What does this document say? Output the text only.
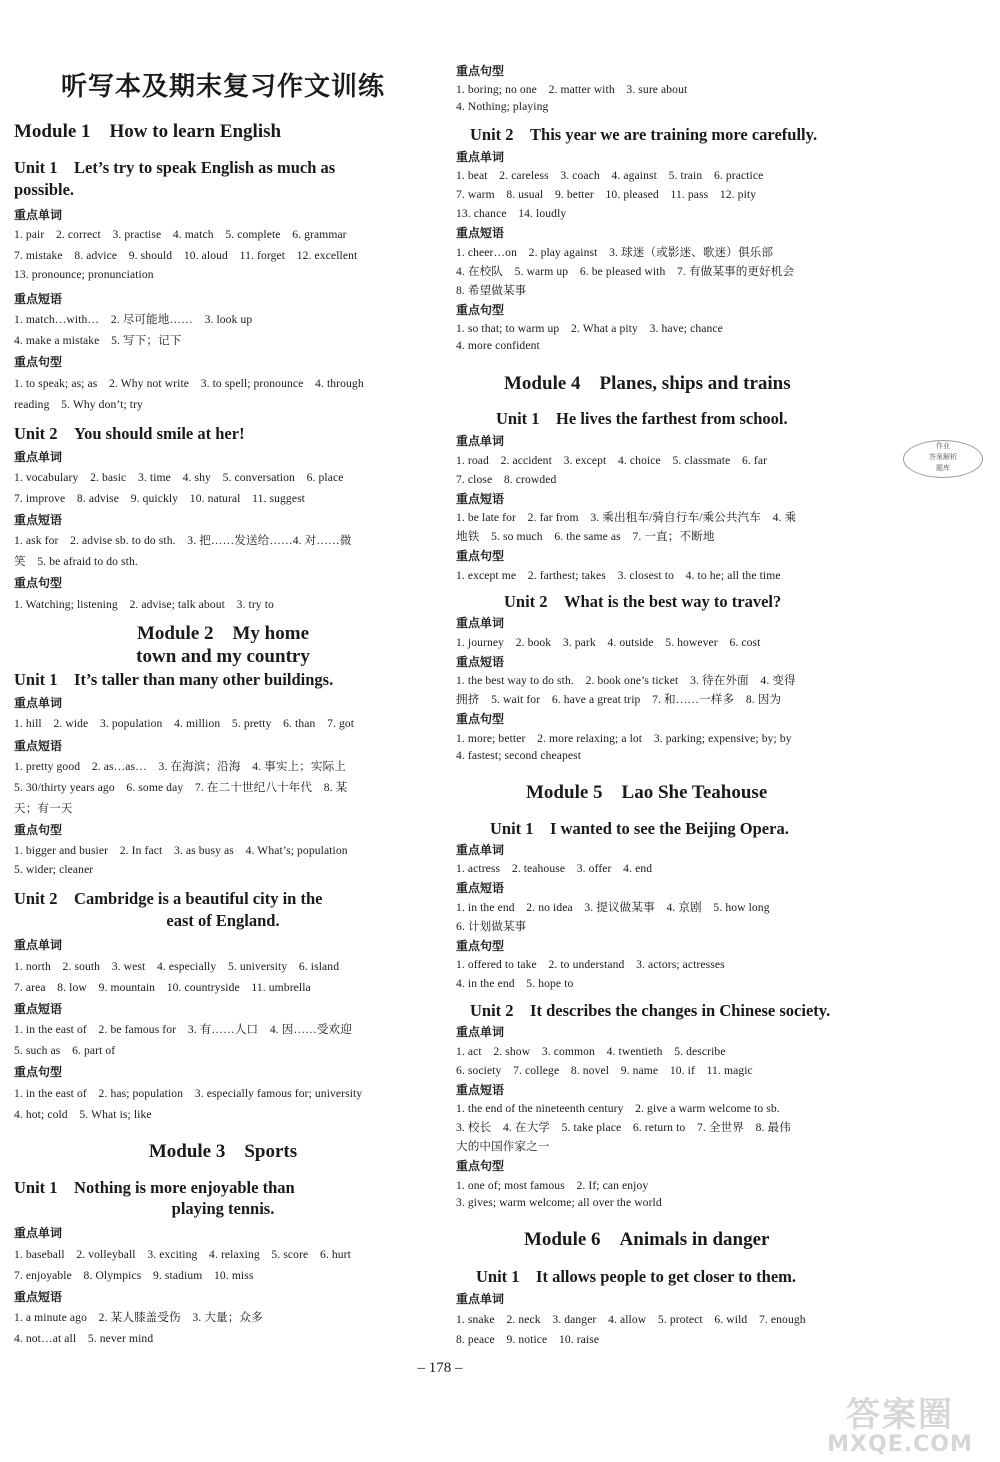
听写本及期末复习作文训练
Module 1　How to learn English
Unit 1　Let’s try to speak English as much as
possible.
重点单词
1. pair　2. correct　3. practise　4. match　5. complete　6. grammar
7. mistake　8. advice　9. should　10. aloud　11. forget　12. excellent
13. pronounce; pronunciation
重点短语
1. match…with…　2. 尽可能地……　3. look up
4. make a mistake　5. 写下；记下
重点句型
1. to speak; as; as　2. Why not write　3. to spell; pronounce　4. through
reading　5. Why don’t; try
Unit 2　You should smile at her!
重点单词
1. vocabulary　2. basic　3. time　4. shy　5. conversation　6. place
7. improve　8. advise　9. quickly　10. natural　11. suggest
重点短语
1. ask for　2. advise sb. to do sth.　3. 把……发送给……4. 对……微
笑　5. be afraid to do sth.
重点句型
1. Watching; listening　2. advise; talk about　3. try to
Module 2　My home
town and my country
Unit 1　It’s taller than many other buildings.
重点单词
1. hill　2. wide　3. population　4. million　5. pretty　6. than　7. got
重点短语
1. pretty good　2. as…as…　3. 在海滨；沿海　4. 事实上；实际上
5. 30/thirty years ago　6. some day　7. 在二十世纪八十年代　8. 某
天；有一天
重点句型
1. bigger and busier　2. In fact　3. as busy as　4. What’s; population
5. wider; cleaner
Unit 2　Cambridge is a beautiful city in the
east of England.
重点单词
1. north　2. south　3. west　4. especially　5. university　6. island
7. area　8. low　9. mountain　10. countryside　11. umbrella
重点短语
1. in the east of　2. be famous for　3. 有……人口　4. 因……受欢迎
5. such as　6. part of
重点句型
1. in the east of　2. has; population　3. especially famous for; university
4. hot; cold　5. What is; like
Module 3　Sports
Unit 1　Nothing is more enjoyable than
playing tennis.
重点单词
1. baseball　2. volleyball　3. exciting　4. relaxing　5. score　6. hurt
7. enjoyable　8. Olympics　9. stadium　10. miss
重点短语
1. a minute ago　2. 某人膝盖受伤　3. 大量；众多
4. not…at all　5. never mind
重点句型
1. boring; no one　2. matter with　3. sure about
4. Nothing; playing
Unit 2　This year we are training more carefully.
重点单词
1. beat　2. careless　3. coach　4. against　5. train　6. practice
7. warm　8. usual　9. better　10. pleased　11. pass　12. pity
13. chance　14. loudly
重点短语
1. cheer…on　2. play against　3. 球迷（或影迷、歌迷）俱乐部
4. 在校队　5. warm up　6. be pleased with　7. 有做某事的更好机会
8. 希望做某事
重点句型
1. so that; to warm up　2. What a pity　3. have; chance
4. more confident
Module 4　Planes, ships and trains
Unit 1　He lives the farthest from school.
重点单词
1. road　2. accident　3. except　4. choice　5. classmate　6. far
7. close　8. crowded
重点短语
1. be late for　2. far from　3. 乘出租车/骑自行车/乘公共汽车　4. 乘
地铁　5. so much　6. the same as　7. 一直；不断地
重点句型
1. except me　2. farthest; takes　3. closest to　4. to he; all the time
Unit 2　What is the best way to travel?
重点单词
1. journey　2. book　3. park　4. outside　5. however　6. cost
重点短语
1. the best way to do sth.　2. book one’s ticket　3. 待在外面　4. 变得
拥挤　5. wait for　6. have a great trip　7. 和……一样多　8. 因为
重点句型
1. more; better　2. more relaxing; a lot　3. parking; expensive; by; by
4. fastest; second cheapest
Module 5　Lao She Teahouse
Unit 1　I wanted to see the Beijing Opera.
重点单词
1. actress　2. teahouse　3. offer　4. end
重点短语
1. in the end　2. no idea　3. 提议做某事　4. 京剧　5. how long
6. 计划做某事
重点句型
1. offered to take　2. to understand　3. actors; actresses
4. in the end　5. hope to
Unit 2　It describes the changes in Chinese society.
重点单词
1. act　2. show　3. common　4. twentieth　5. describe
6. society　7. college　8. novel　9. name　10. if　11. magic
重点短语
1. the end of the nineteenth century　2. give a warm welcome to sb.
3. 校长　4. 在大学　5. take place　6. return to　7. 全世界　8. 最伟
大的中国作家之一
重点句型
1. one of; most famous　2. If; can enjoy
3. gives; warm welcome; all over the world
Module 6　Animals in danger
Unit 1　It allows people to get closer to them.
重点单词
1. snake　2. neck　3. danger　4. allow　5. protect　6. wild　7. enough
8. peace　9. notice　10. raise
作业
答案解析
题库
– 178 –
答案圈
MXQE.COM
